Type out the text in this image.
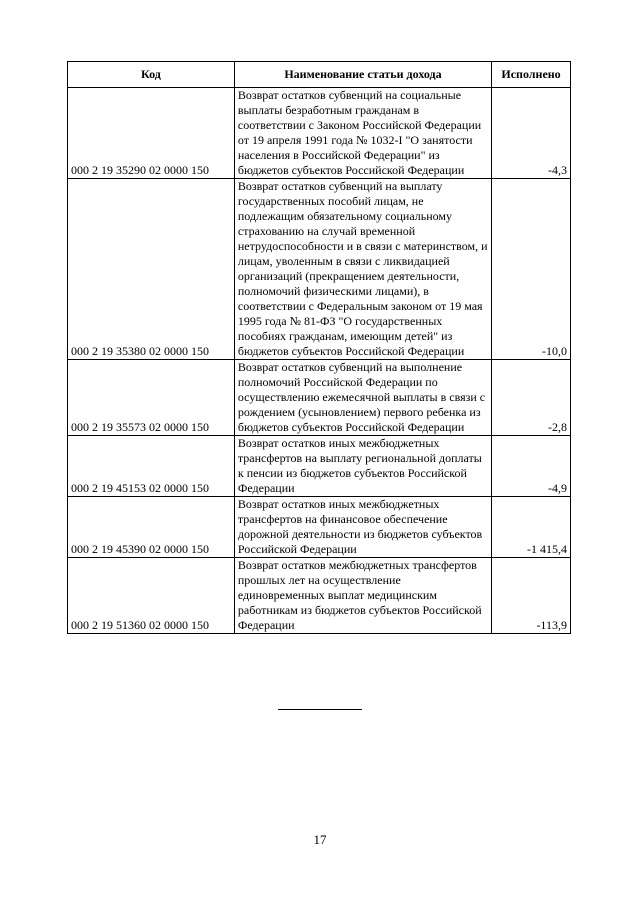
Код	Наименование статьи дохода	Исполнено
000 2 19 35290 02 0000 150	Возврат остатков субвенций на социальные выплаты безработным гражданам в соответствии с Законом Российской Федерации от 19 апреля 1991 года № 1032-I "О занятости населения в Российской Федерации" из бюджетов субъектов Российской Федерации	-4,3
000 2 19 35380 02 0000 150	Возврат остатков субвенций на выплату государственных пособий лицам, не подлежащим обязательному социальному страхованию на случай временной нетрудоспособности и в связи с материнством, и лицам, уволенным в связи с ликвидацией организаций (прекращением деятельности, полномочий физическими лицами), в соответствии с Федеральным законом от 19 мая 1995 года № 81-ФЗ "О государственных пособиях гражданам, имеющим детей" из бюджетов субъектов Российской Федерации	-10,0
000 2 19 35573 02 0000 150	Возврат остатков субвенций на выполнение полномочий Российской Федерации по осуществлению ежемесячной выплаты в связи с рождением (усыновлением) первого ребенка из бюджетов субъектов Российской Федерации	-2,8
000 2 19 45153 02 0000 150	Возврат остатков иных межбюджетных трансфертов на выплату региональной доплаты к пенсии из бюджетов субъектов Российской Федерации	-4,9
000 2 19 45390 02 0000 150	Возврат остатков иных межбюджетных трансфертов на финансовое обеспечение дорожной деятельности из бюджетов субъектов Российской Федерации	-1 415,4
000 2 19 51360 02 0000 150	Возврат остатков межбюджетных трансфертов прошлых лет на осуществление единовременных выплат медицинским работникам из бюджетов субъектов Российской Федерации	-113,9
17
